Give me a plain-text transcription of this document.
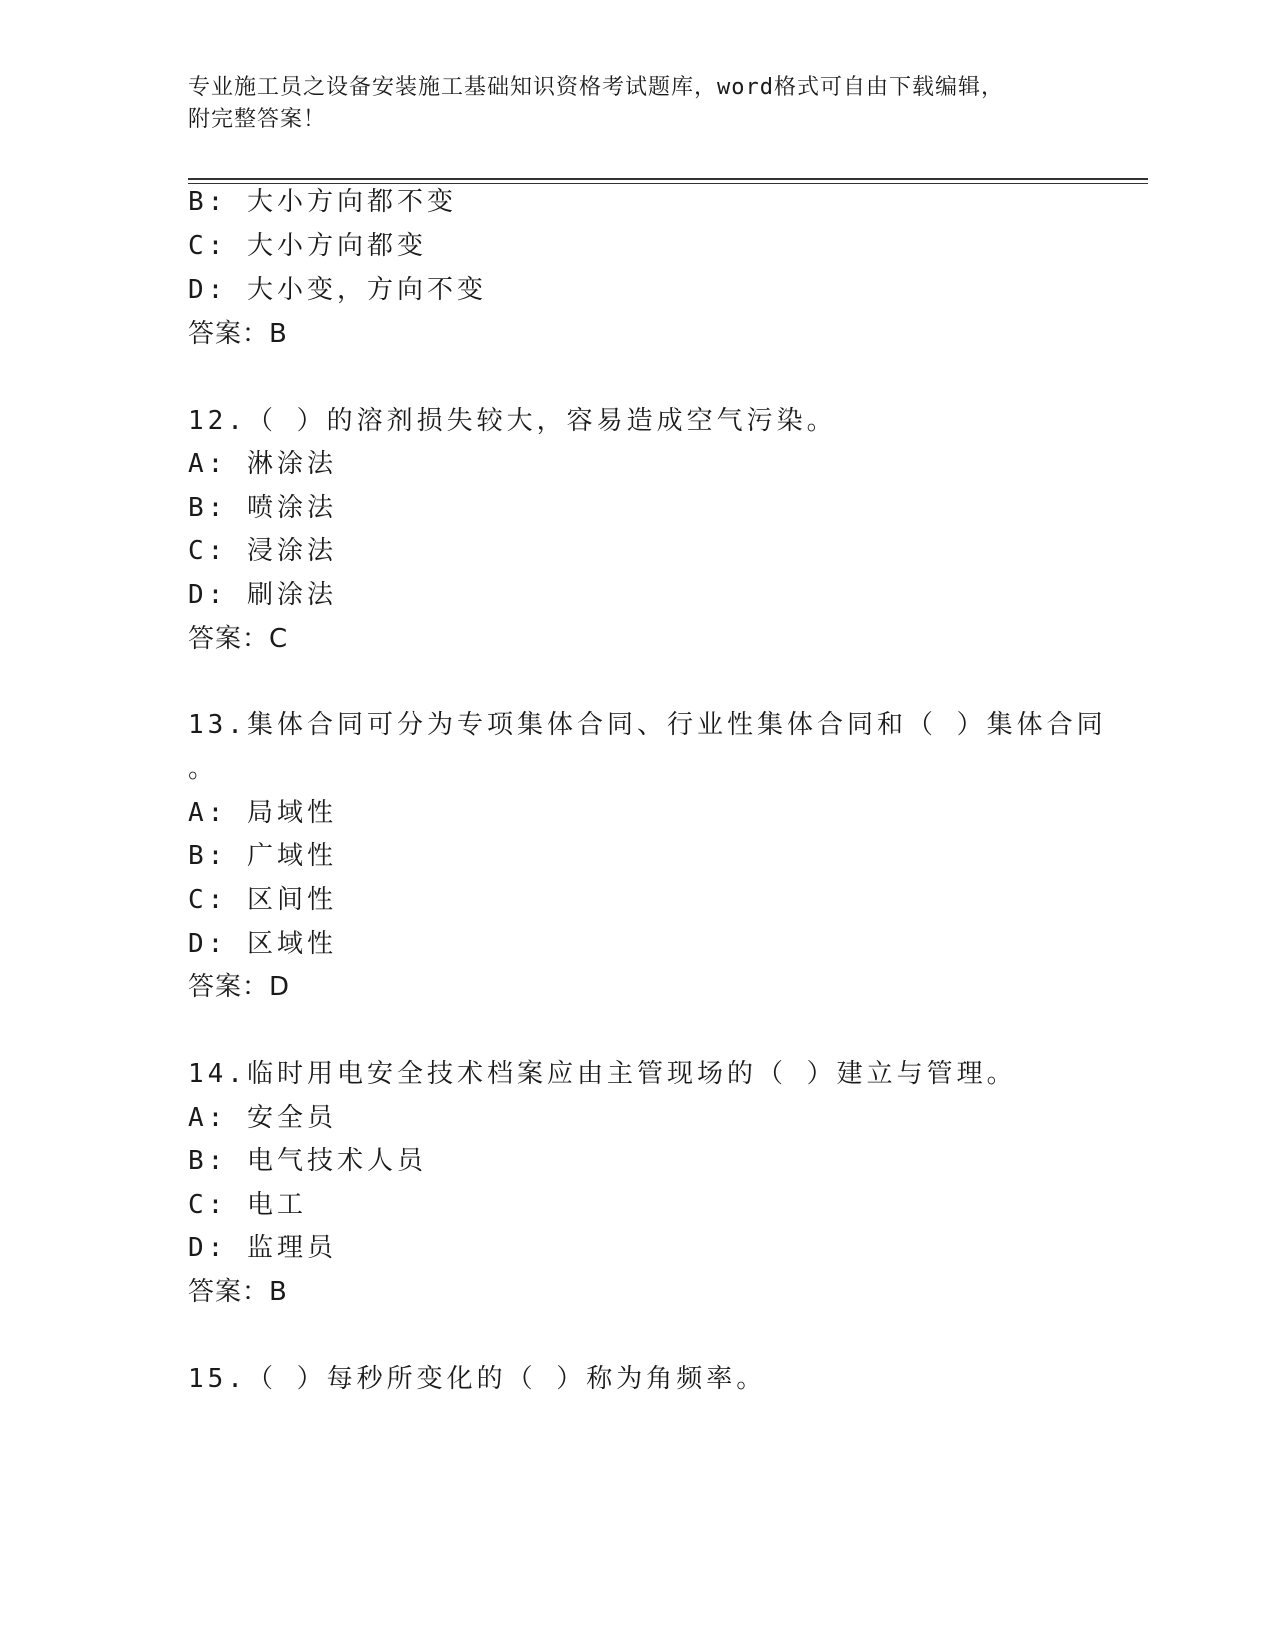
专业施工员之设备安装施工基础知识资格考试题库，word格式可自由下载编辑，
附完整答案！
B: 大小方向都不变
C: 大小方向都变
D: 大小变，方向不变
答案：B
12.（ ）的溶剂损失较大，容易造成空气污染。
A: 淋涂法
B: 喷涂法
C: 浸涂法
D: 刷涂法
答案：C
13.集体合同可分为专项集体合同、行业性集体合同和（ ）集体合同
。
A: 局域性
B: 广域性
C: 区间性
D: 区域性
答案：D
14.临时用电安全技术档案应由主管现场的（ ）建立与管理。
A: 安全员
B: 电气技术人员
C: 电工
D: 监理员
答案：B
15.（ ）每秒所变化的（ ）称为角频率。
